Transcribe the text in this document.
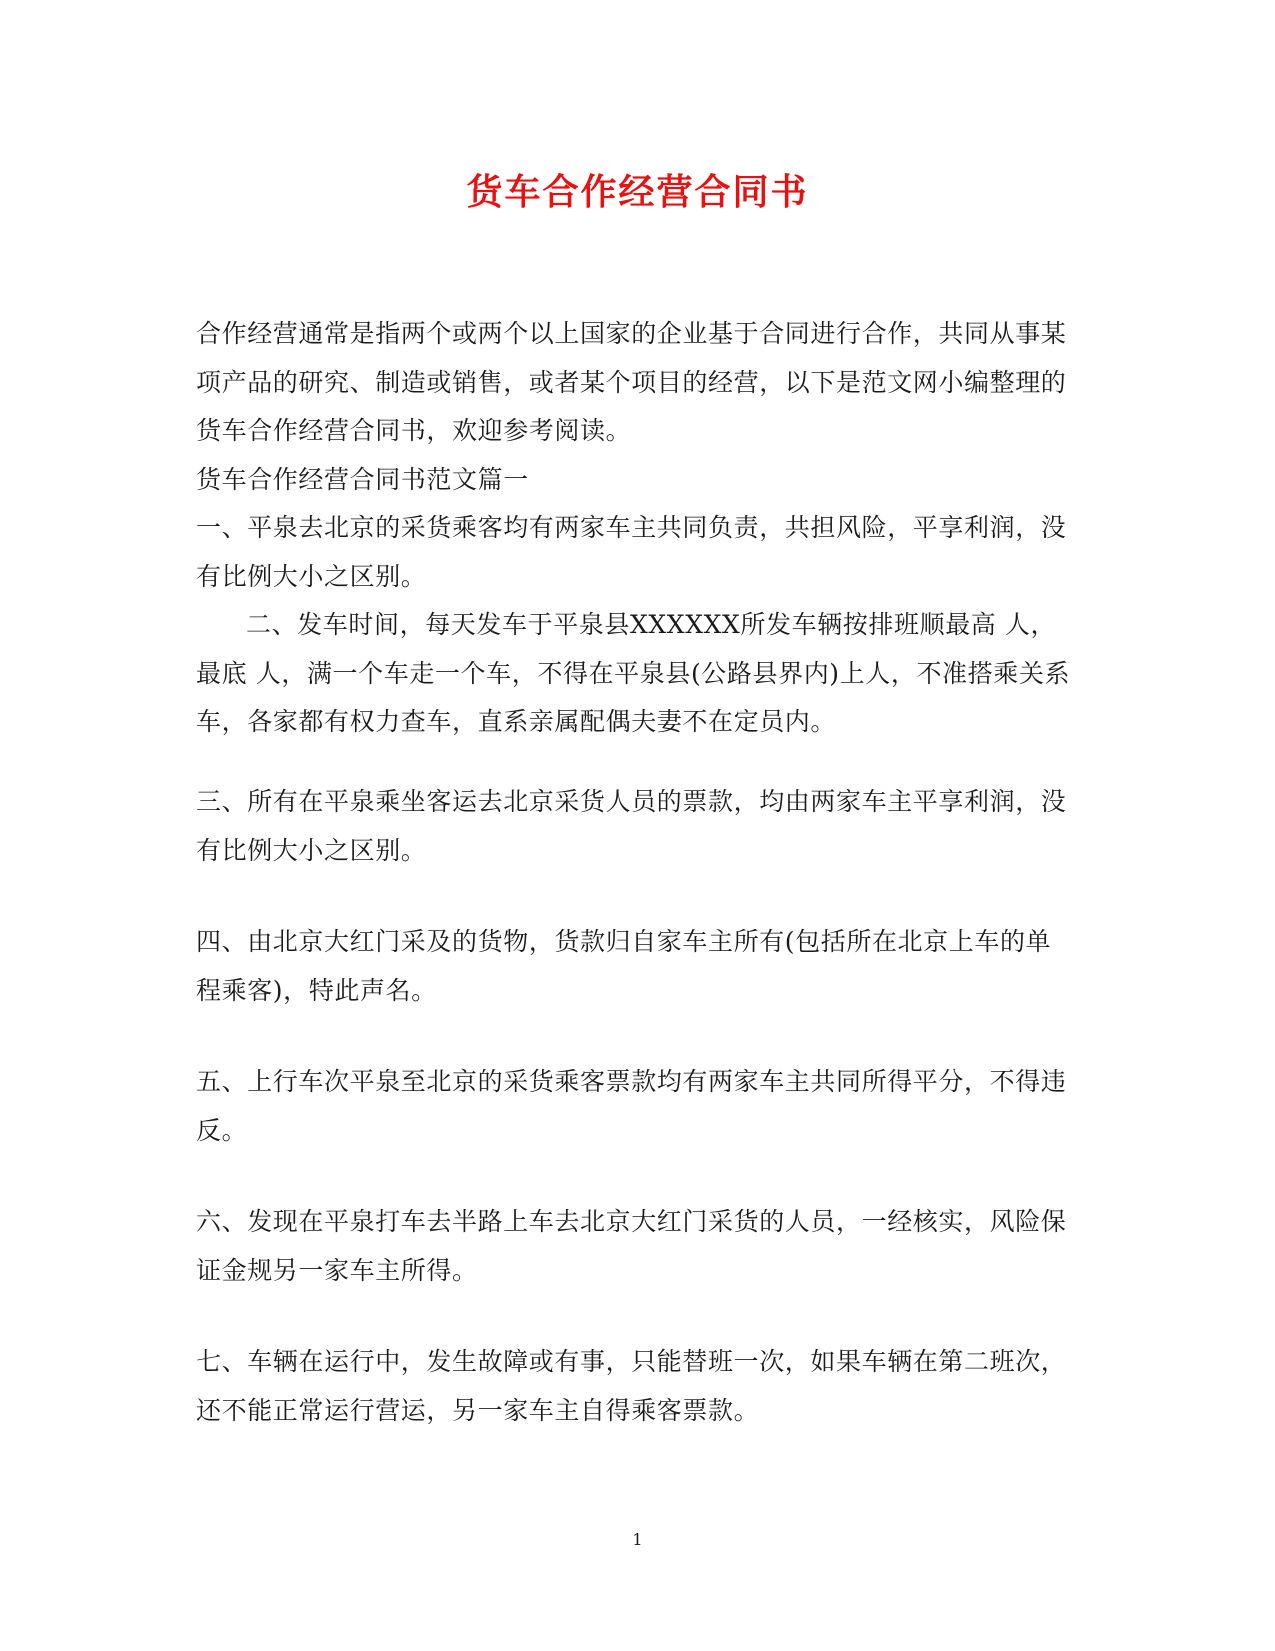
货车合作经营合同书

合作经营通常是指两个或两个以上国家的企业基于合同进行合作，共同从事某项产品的研究、制造或销售，或者某个项目的经营，以下是范文网小编整理的货车合作经营合同书，欢迎参考阅读。

货车合作经营合同书范文篇一

一、平泉去北京的采货乘客均有两家车主共同负责，共担风险，平享利润，没有比例大小之区别。

二、发车时间，每天发车于平泉县XXXXXX所发车辆按排班顺最高 人，最底 人，满一个车走一个车，不得在平泉县(公路县界内)上人，不准搭乘关系车，各家都有权力查车，直系亲属配偶夫妻不在定员内。

三、所有在平泉乘坐客运去北京采货人员的票款，均由两家车主平享利润，没有比例大小之区别。

四、由北京大红门采及的货物，货款归自家车主所有(包括所在北京上车的单程乘客)，特此声名。

五、上行车次平泉至北京的采货乘客票款均有两家车主共同所得平分，不得违反。

六、发现在平泉打车去半路上车去北京大红门采货的人员，一经核实，风险保证金规另一家车主所得。

七、车辆在运行中，发生故障或有事，只能替班一次，如果车辆在第二班次，还不能正常运行营运，另一家车主自得乘客票款。

1
